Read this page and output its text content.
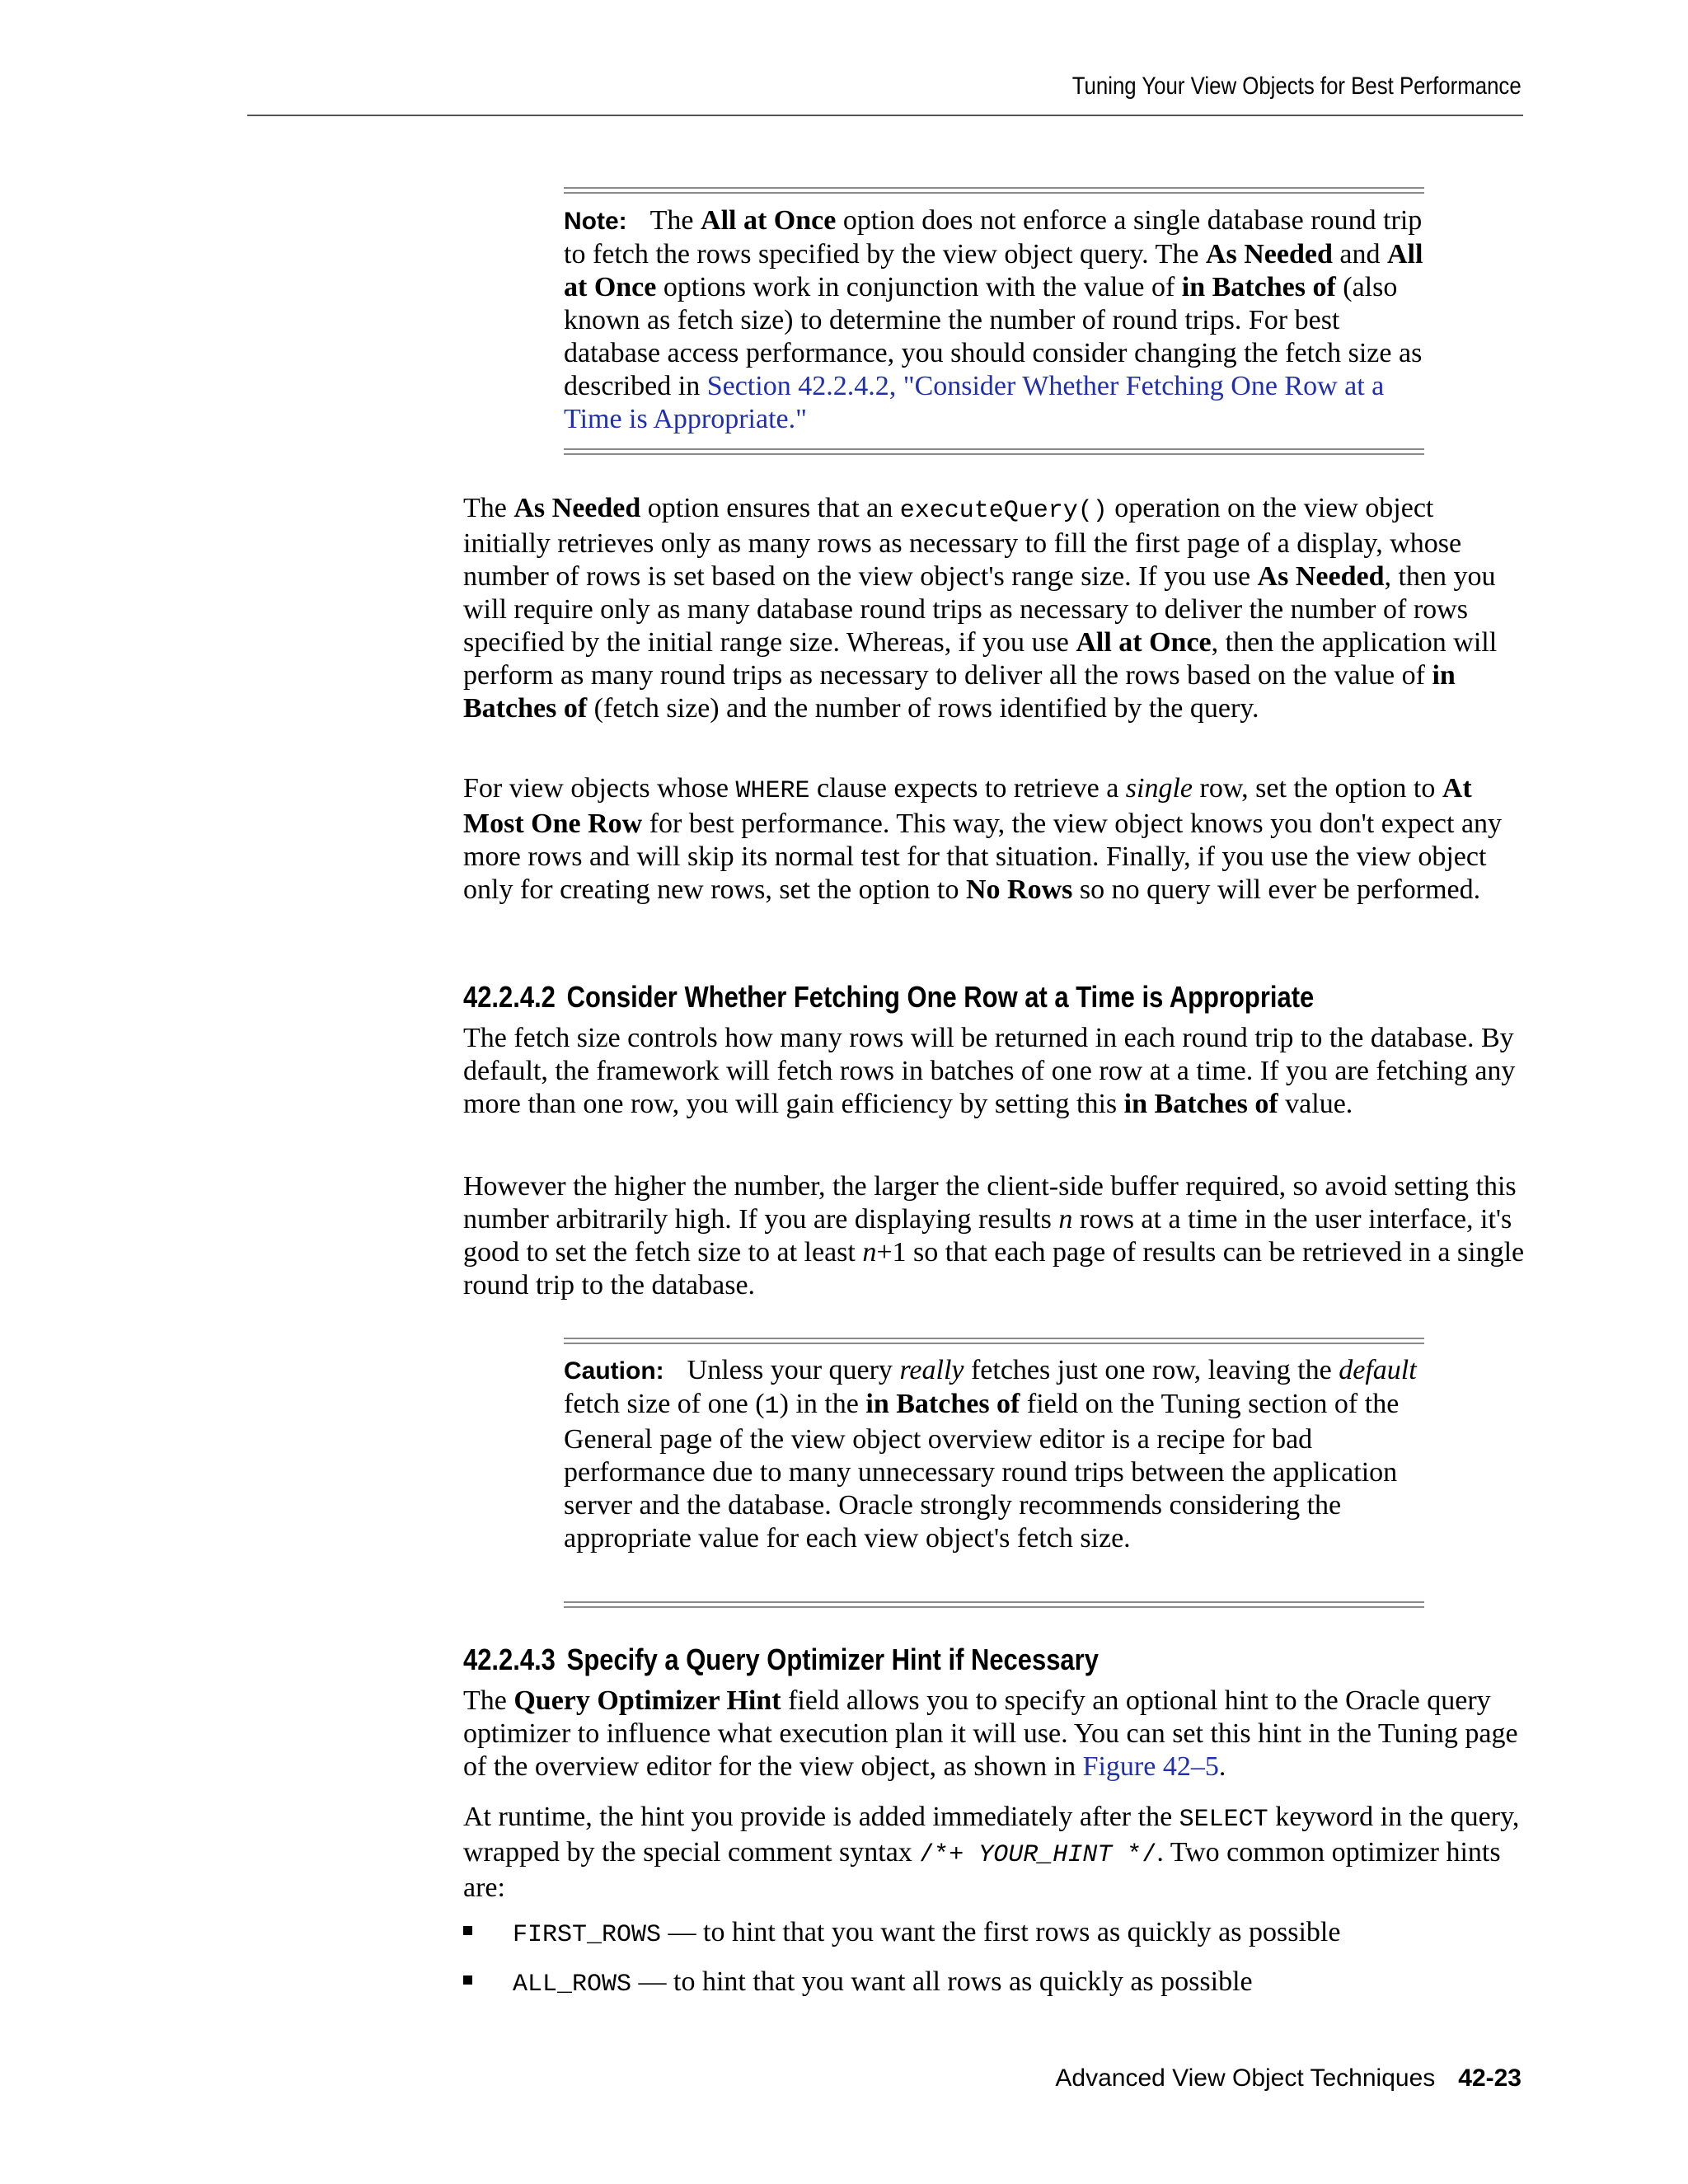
Tuning Your View Objects for Best Performance

Note: The All at Once option does not enforce a single database round trip to fetch the rows specified by the view object query. The As Needed and All at Once options work in conjunction with the value of in Batches of (also known as fetch size) to determine the number of round trips. For best database access performance, you should consider changing the fetch size as described in Section 42.2.4.2, "Consider Whether Fetching One Row at a Time is Appropriate."

The As Needed option ensures that an executeQuery() operation on the view object initially retrieves only as many rows as necessary to fill the first page of a display, whose number of rows is set based on the view object's range size. If you use As Needed, then you will require only as many database round trips as necessary to deliver the number of rows specified by the initial range size. Whereas, if you use All at Once, then the application will perform as many round trips as necessary to deliver all the rows based on the value of in Batches of (fetch size) and the number of rows identified by the query.

For view objects whose WHERE clause expects to retrieve a single row, set the option to At Most One Row for best performance. This way, the view object knows you don't expect any more rows and will skip its normal test for that situation. Finally, if you use the view object only for creating new rows, set the option to No Rows so no query will ever be performed.

42.2.4.2 Consider Whether Fetching One Row at a Time is Appropriate

The fetch size controls how many rows will be returned in each round trip to the database. By default, the framework will fetch rows in batches of one row at a time. If you are fetching any more than one row, you will gain efficiency by setting this in Batches of value.

However the higher the number, the larger the client-side buffer required, so avoid setting this number arbitrarily high. If you are displaying results n rows at a time in the user interface, it's good to set the fetch size to at least n+1 so that each page of results can be retrieved in a single round trip to the database.

Caution: Unless your query really fetches just one row, leaving the default fetch size of one (1) in the in Batches of field on the Tuning section of the General page of the view object overview editor is a recipe for bad performance due to many unnecessary round trips between the application server and the database. Oracle strongly recommends considering the appropriate value for each view object's fetch size.

42.2.4.3 Specify a Query Optimizer Hint if Necessary

The Query Optimizer Hint field allows you to specify an optional hint to the Oracle query optimizer to influence what execution plan it will use. You can set this hint in the Tuning page of the overview editor for the view object, as shown in Figure 42–5.

At runtime, the hint you provide is added immediately after the SELECT keyword in the query, wrapped by the special comment syntax /*+ YOUR_HINT */. Two common optimizer hints are:

FIRST_ROWS — to hint that you want the first rows as quickly as possible
ALL_ROWS — to hint that you want all rows as quickly as possible
Advanced View Object Techniques 42-23
